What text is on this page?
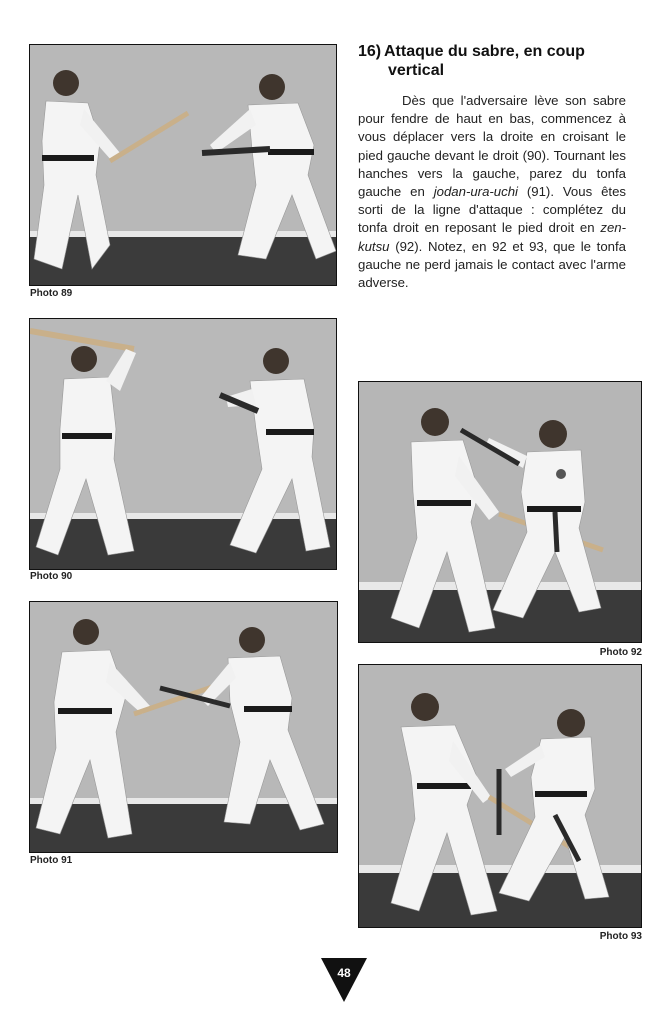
Photo 89
Photo 90
Photo 91
Photo 92
Photo 93
16) Attaque du sabre, en coup
vertical
Dès que l'adversaire lève son sabre pour fendre de haut en bas, commencez à vous déplacer vers la droite en croisant le pied gauche devant le droit (90). Tournant les hanches vers la gauche, parez du tonfa gauche en jodan-ura-uchi (91). Vous êtes sorti de la ligne d'attaque : complétez du tonfa droit en reposant le pied droit en zen-kutsu (92). Notez, en 92 et 93, que le tonfa gauche ne perd jamais le contact avec l'arme adverse.
48
